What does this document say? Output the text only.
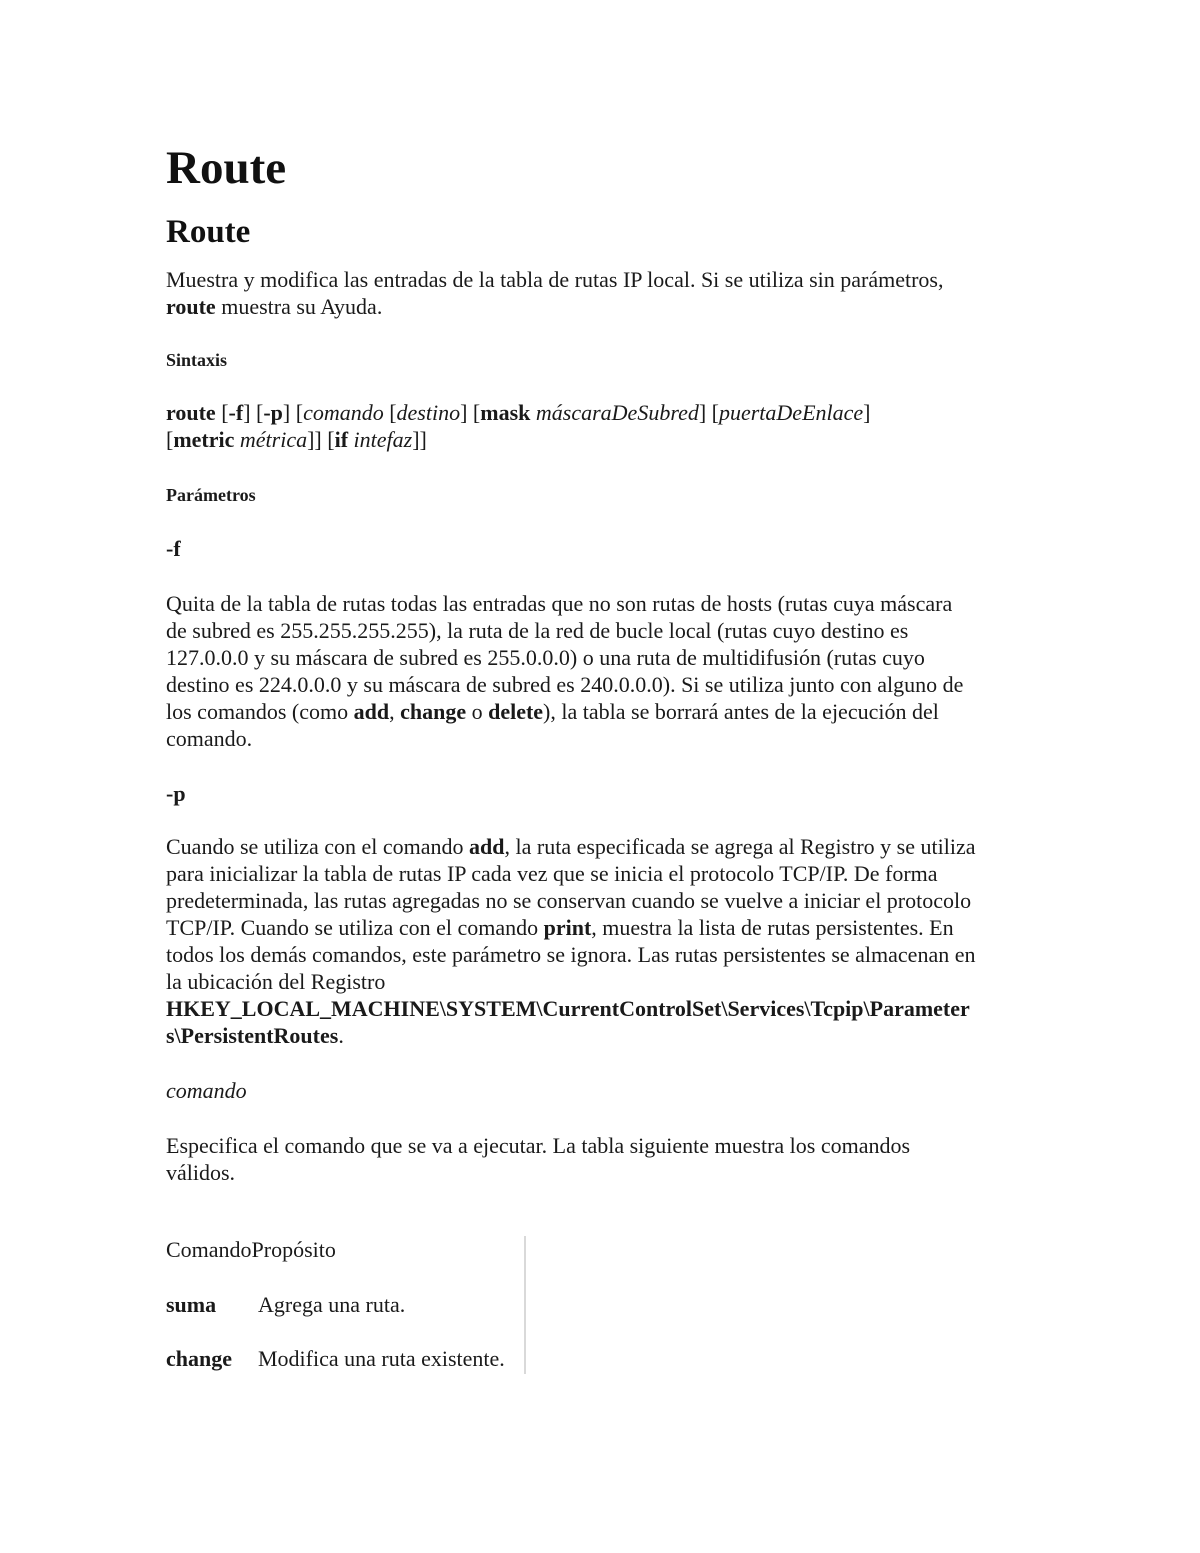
Route
Route
Muestra y modifica las entradas de la tabla de rutas IP local. Si se utiliza sin parámetros,
route muestra su Ayuda.
Sintaxis
route [-f] [-p] [comando [destino] [mask máscaraDeSubred] [puertaDeEnlace]
[metric métrica]] [if intefaz]]
Parámetros
-f
Quita de la tabla de rutas todas las entradas que no son rutas de hosts (rutas cuya máscara
de subred es 255.255.255.255), la ruta de la red de bucle local (rutas cuyo destino es
127.0.0.0 y su máscara de subred es 255.0.0.0) o una ruta de multidifusión (rutas cuyo
destino es 224.0.0.0 y su máscara de subred es 240.0.0.0). Si se utiliza junto con alguno de
los comandos (como add, change o delete), la tabla se borrará antes de la ejecución del
comando.
-p
Cuando se utiliza con el comando add, la ruta especificada se agrega al Registro y se utiliza
para inicializar la tabla de rutas IP cada vez que se inicia el protocolo TCP/IP. De forma
predeterminada, las rutas agregadas no se conservan cuando se vuelve a iniciar el protocolo
TCP/IP. Cuando se utiliza con el comando print, muestra la lista de rutas persistentes. En
todos los demás comandos, este parámetro se ignora. Las rutas persistentes se almacenan en
la ubicación del Registro
HKEY_LOCAL_MACHINE\SYSTEM\CurrentControlSet\Services\Tcpip\Parameter
s\PersistentRoutes.
comando
Especifica el comando que se va a ejecutar. La tabla siguiente muestra los comandos
válidos.
ComandoPropósito
suma	Agrega una ruta.
change	Modifica una ruta existente.
